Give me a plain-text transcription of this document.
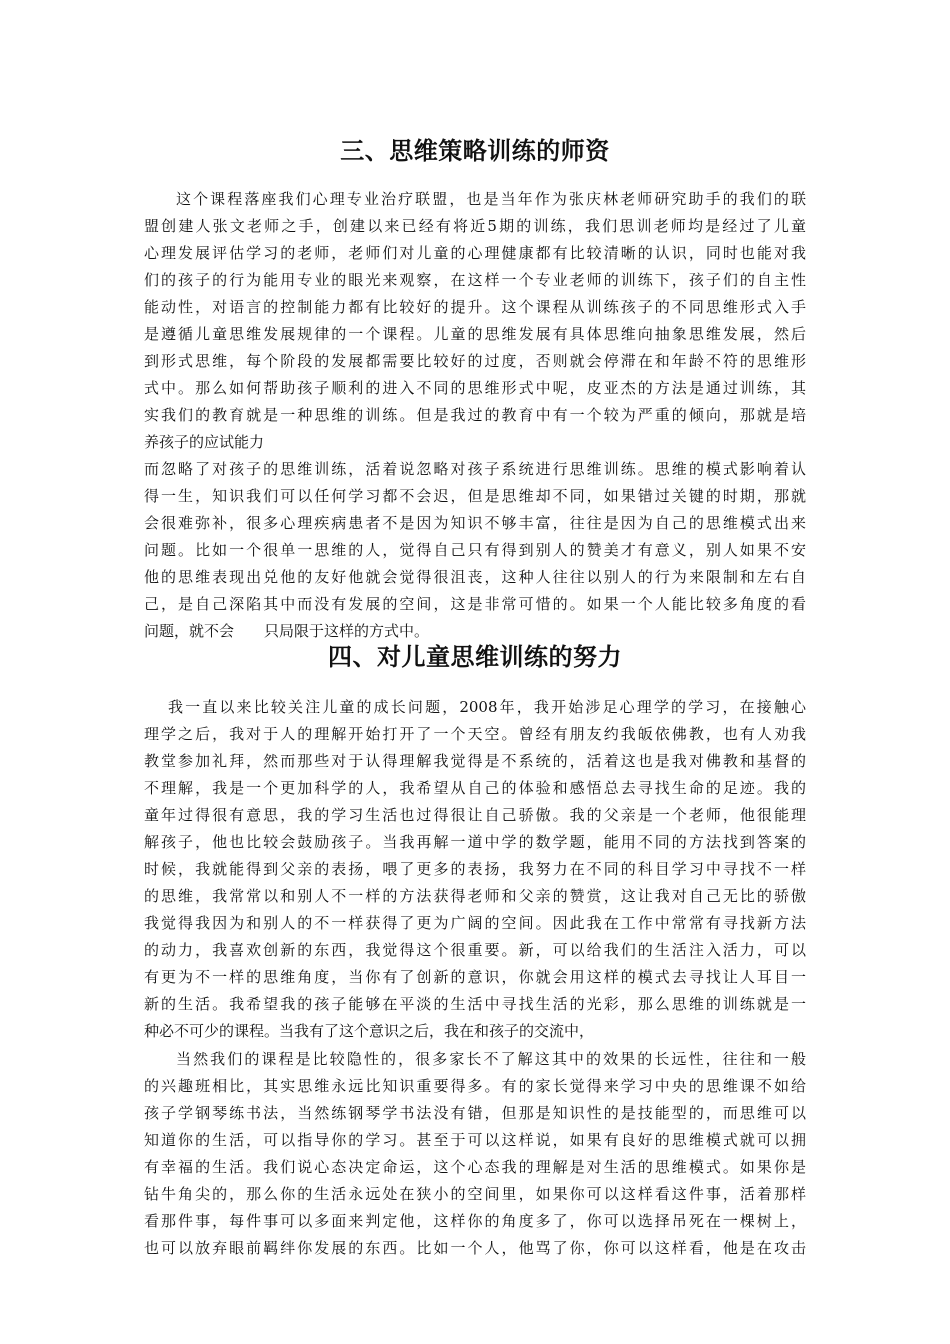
三、思维策略训练的师资
这个课程落座我们心理专业治疗联盟，也是当年作为张庆林老师研究助手的我们的联
盟创建人张文老师之手，创建以来已经有将近5期的训练，我们思训老师均是经过了儿童
心理发展评估学习的老师，老师们对儿童的心理健康都有比较清晰的认识，同时也能对我
们的孩子的行为能用专业的眼光来观察，在这样一个专业老师的训练下，孩子们的自主性
能动性，对语言的控制能力都有比较好的提升。这个课程从训练孩子的不同思维形式入手
是遵循儿童思维发展规律的一个课程。儿童的思维发展有具体思维向抽象思维发展，然后
到形式思维，每个阶段的发展都需要比较好的过度，否则就会停滞在和年龄不符的思维形
式中。那么如何帮助孩子顺利的进入不同的思维形式中呢，皮亚杰的方法是通过训练，其
实我们的教育就是一种思维的训练。但是我过的教育中有一个较为严重的倾向，那就是培
养孩子的应试能力
而忽略了对孩子的思维训练，活着说忽略对孩子系统进行思维训练。思维的模式影响着认
得一生，知识我们可以任何学习都不会迟，但是思维却不同，如果错过关键的时期，那就
会很难弥补，很多心理疾病患者不是因为知识不够丰富，往往是因为自己的思维模式出来
问题。比如一个很单一思维的人，觉得自己只有得到别人的赞美才有意义，别人如果不安
他的思维表现出兑他的友好他就会觉得很沮丧，这种人往往以别人的行为来限制和左右自
己，是自己深陷其中而没有发展的空间，这是非常可惜的。如果一个人能比较多角度的看
问题，就不会 只局限于这样的方式中。
四、对儿童思维训练的努力
我一直以来比较关注儿童的成长问题，2008年，我开始涉足心理学的学习，在接触心
理学之后，我对于人的理解开始打开了一个天空。曾经有朋友约我皈依佛教，也有人劝我
教堂参加礼拜，然而那些对于认得理解我觉得是不系统的，活着这也是我对佛教和基督的
不理解，我是一个更加科学的人，我希望从自己的体验和感悟总去寻找生命的足迹。我的
童年过得很有意思，我的学习生活也过得很让自己骄傲。我的父亲是一个老师，他很能理
解孩子，他也比较会鼓励孩子。当我再解一道中学的数学题，能用不同的方法找到答案的
时候，我就能得到父亲的表扬，喂了更多的表扬，我努力在不同的科目学习中寻找不一样
的思维，我常常以和别人不一样的方法获得老师和父亲的赞赏，这让我对自己无比的骄傲
我觉得我因为和别人的不一样获得了更为广阔的空间。因此我在工作中常常有寻找新方法
的动力，我喜欢创新的东西，我觉得这个很重要。新，可以给我们的生活注入活力，可以
有更为不一样的思维角度，当你有了创新的意识，你就会用这样的模式去寻找让人耳目一
新的生活。我希望我的孩子能够在平淡的生活中寻找生活的光彩，那么思维的训练就是一
种必不可少的课程。当我有了这个意识之后，我在和孩子的交流中，
当然我们的课程是比较隐性的，很多家长不了解这其中的效果的长远性，往往和一般
的兴趣班相比，其实思维永远比知识重要得多。有的家长觉得来学习中央的思维课不如给
孩子学钢琴练书法，当然练钢琴学书法没有错，但那是知识性的是技能型的，而思维可以
知道你的生活，可以指导你的学习。甚至于可以这样说，如果有良好的思维模式就可以拥
有幸福的生活。我们说心态决定命运，这个心态我的理解是对生活的思维模式。如果你是
钻牛角尖的，那么你的生活永远处在狭小的空间里，如果你可以这样看这件事，活着那样
看那件事，每件事可以多面来判定他，这样你的角度多了，你可以选择吊死在一棵树上，
也可以放弃眼前羁绊你发展的东西。比如一个人，他骂了你，你可以这样看，他是在攻击
